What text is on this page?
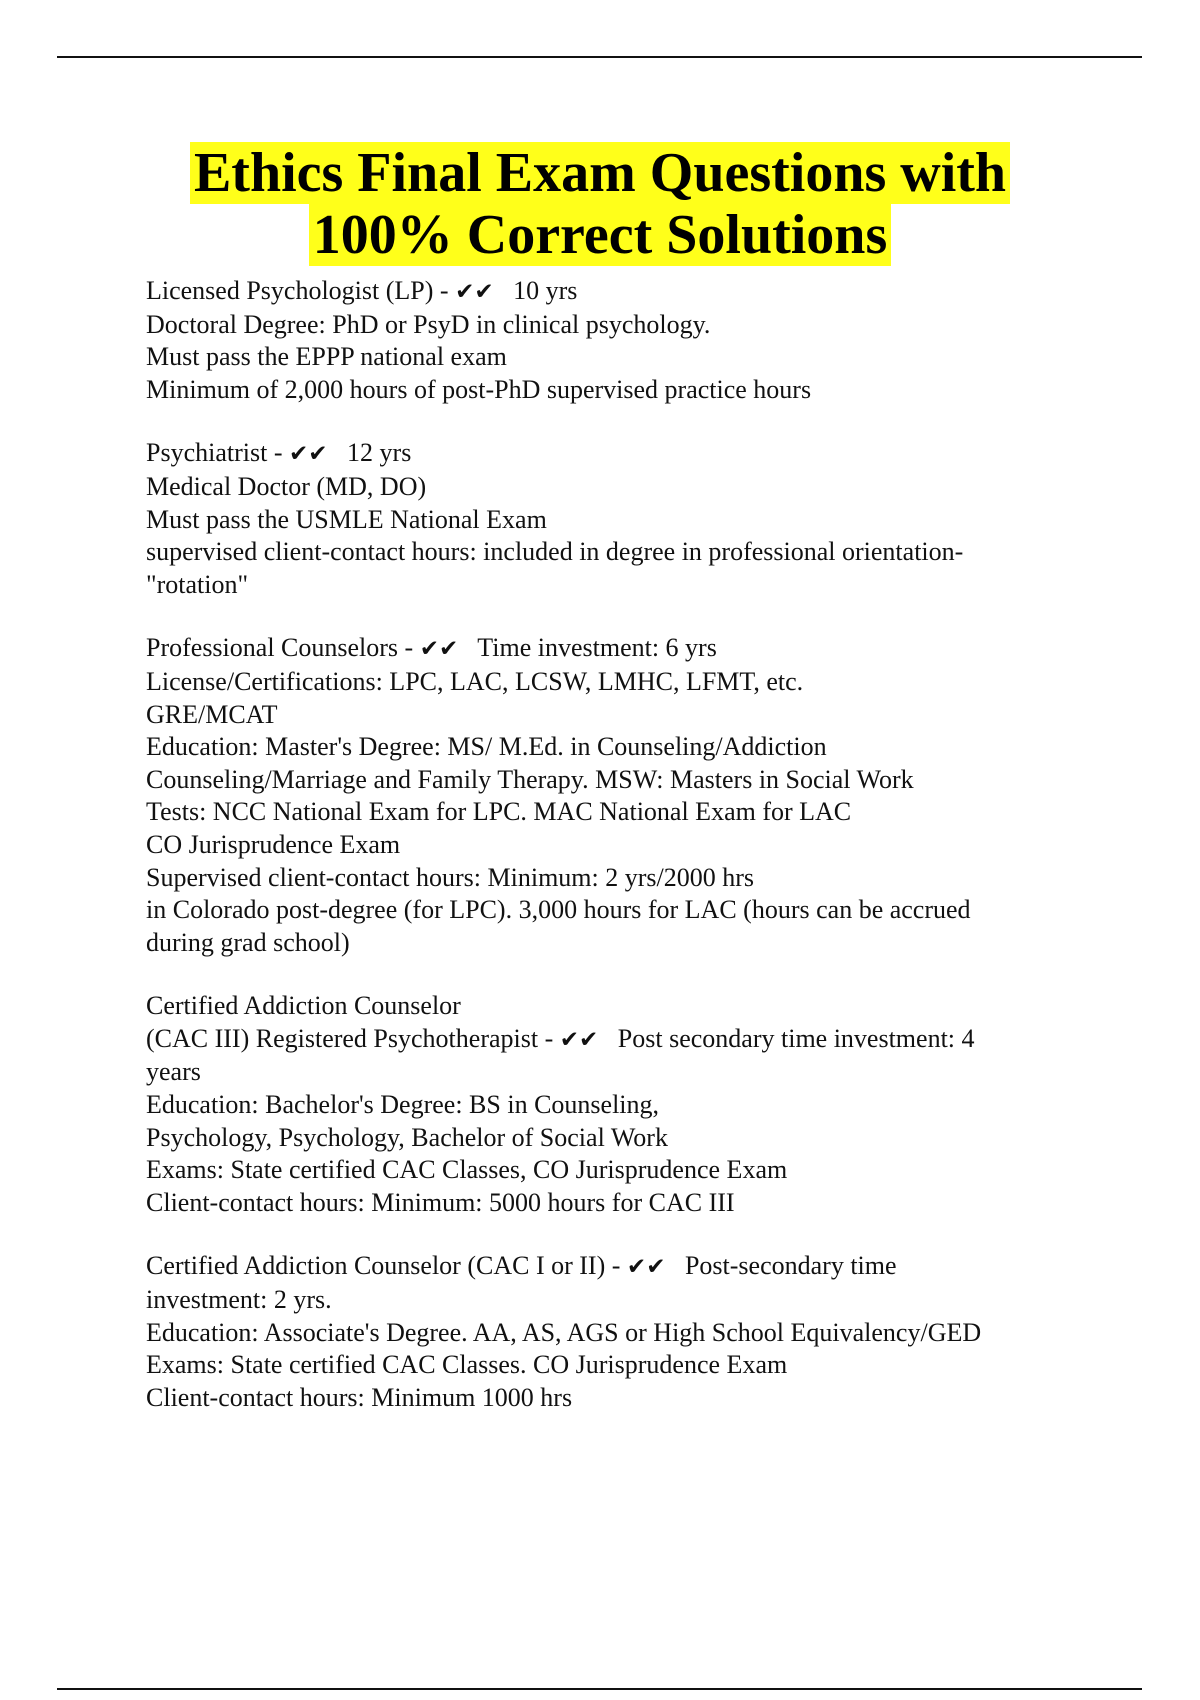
Ethics Final Exam Questions with
100% Correct Solutions
Licensed Psychologist (LP) - ✔✔ 10 yrs
Doctoral Degree: PhD or PsyD in clinical psychology.
Must pass the EPPP national exam
Minimum of 2,000 hours of post-PhD supervised practice hours
Psychiatrist - ✔✔ 12 yrs
Medical Doctor (MD, DO)
Must pass the USMLE National Exam
supervised client-contact hours: included in degree in professional orientation-
"rotation"
Professional Counselors - ✔✔ Time investment: 6 yrs
License/Certifications: LPC, LAC, LCSW, LMHC, LFMT, etc.
GRE/MCAT
Education: Master's Degree: MS/ M.Ed. in Counseling/Addiction
Counseling/Marriage and Family Therapy. MSW: Masters in Social Work
Tests: NCC National Exam for LPC. MAC National Exam for LAC
CO Jurisprudence Exam
Supervised client-contact hours: Minimum: 2 yrs/2000 hrs
in Colorado post-degree (for LPC). 3,000 hours for LAC (hours can be accrued
during grad school)
Certified Addiction Counselor
(CAC III) Registered Psychotherapist - ✔✔ Post secondary time investment: 4
years
Education: Bachelor's Degree: BS in Counseling,
Psychology, Psychology, Bachelor of Social Work
Exams: State certified CAC Classes, CO Jurisprudence Exam
Client-contact hours: Minimum: 5000 hours for CAC III
Certified Addiction Counselor (CAC I or II) - ✔✔ Post-secondary time
investment: 2 yrs.
Education: Associate's Degree. AA, AS, AGS or High School Equivalency/GED
Exams: State certified CAC Classes. CO Jurisprudence Exam
Client-contact hours: Minimum 1000 hrs
